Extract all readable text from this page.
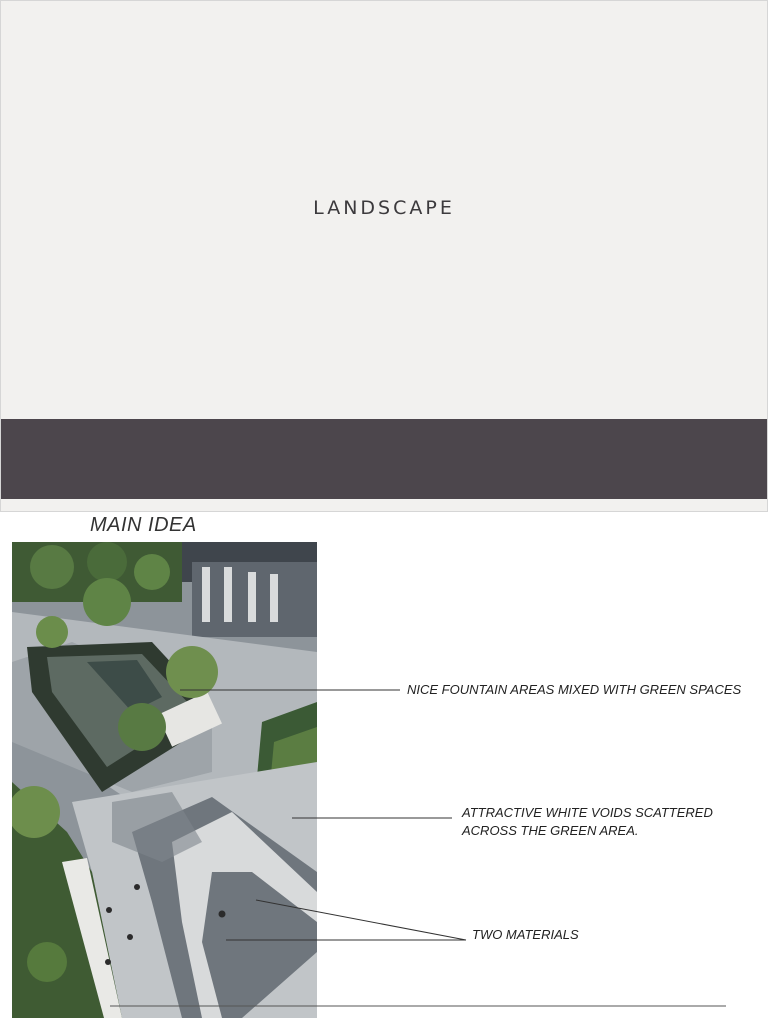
LANDSCAPE
MAIN IDEA
NICE FOUNTAIN AREAS MIXED WITH GREEN SPACES
ATTRACTIVE WHITE VOIDS SCATTERED
ACROSS THE GREEN AREA.
TWO MATERIALS
